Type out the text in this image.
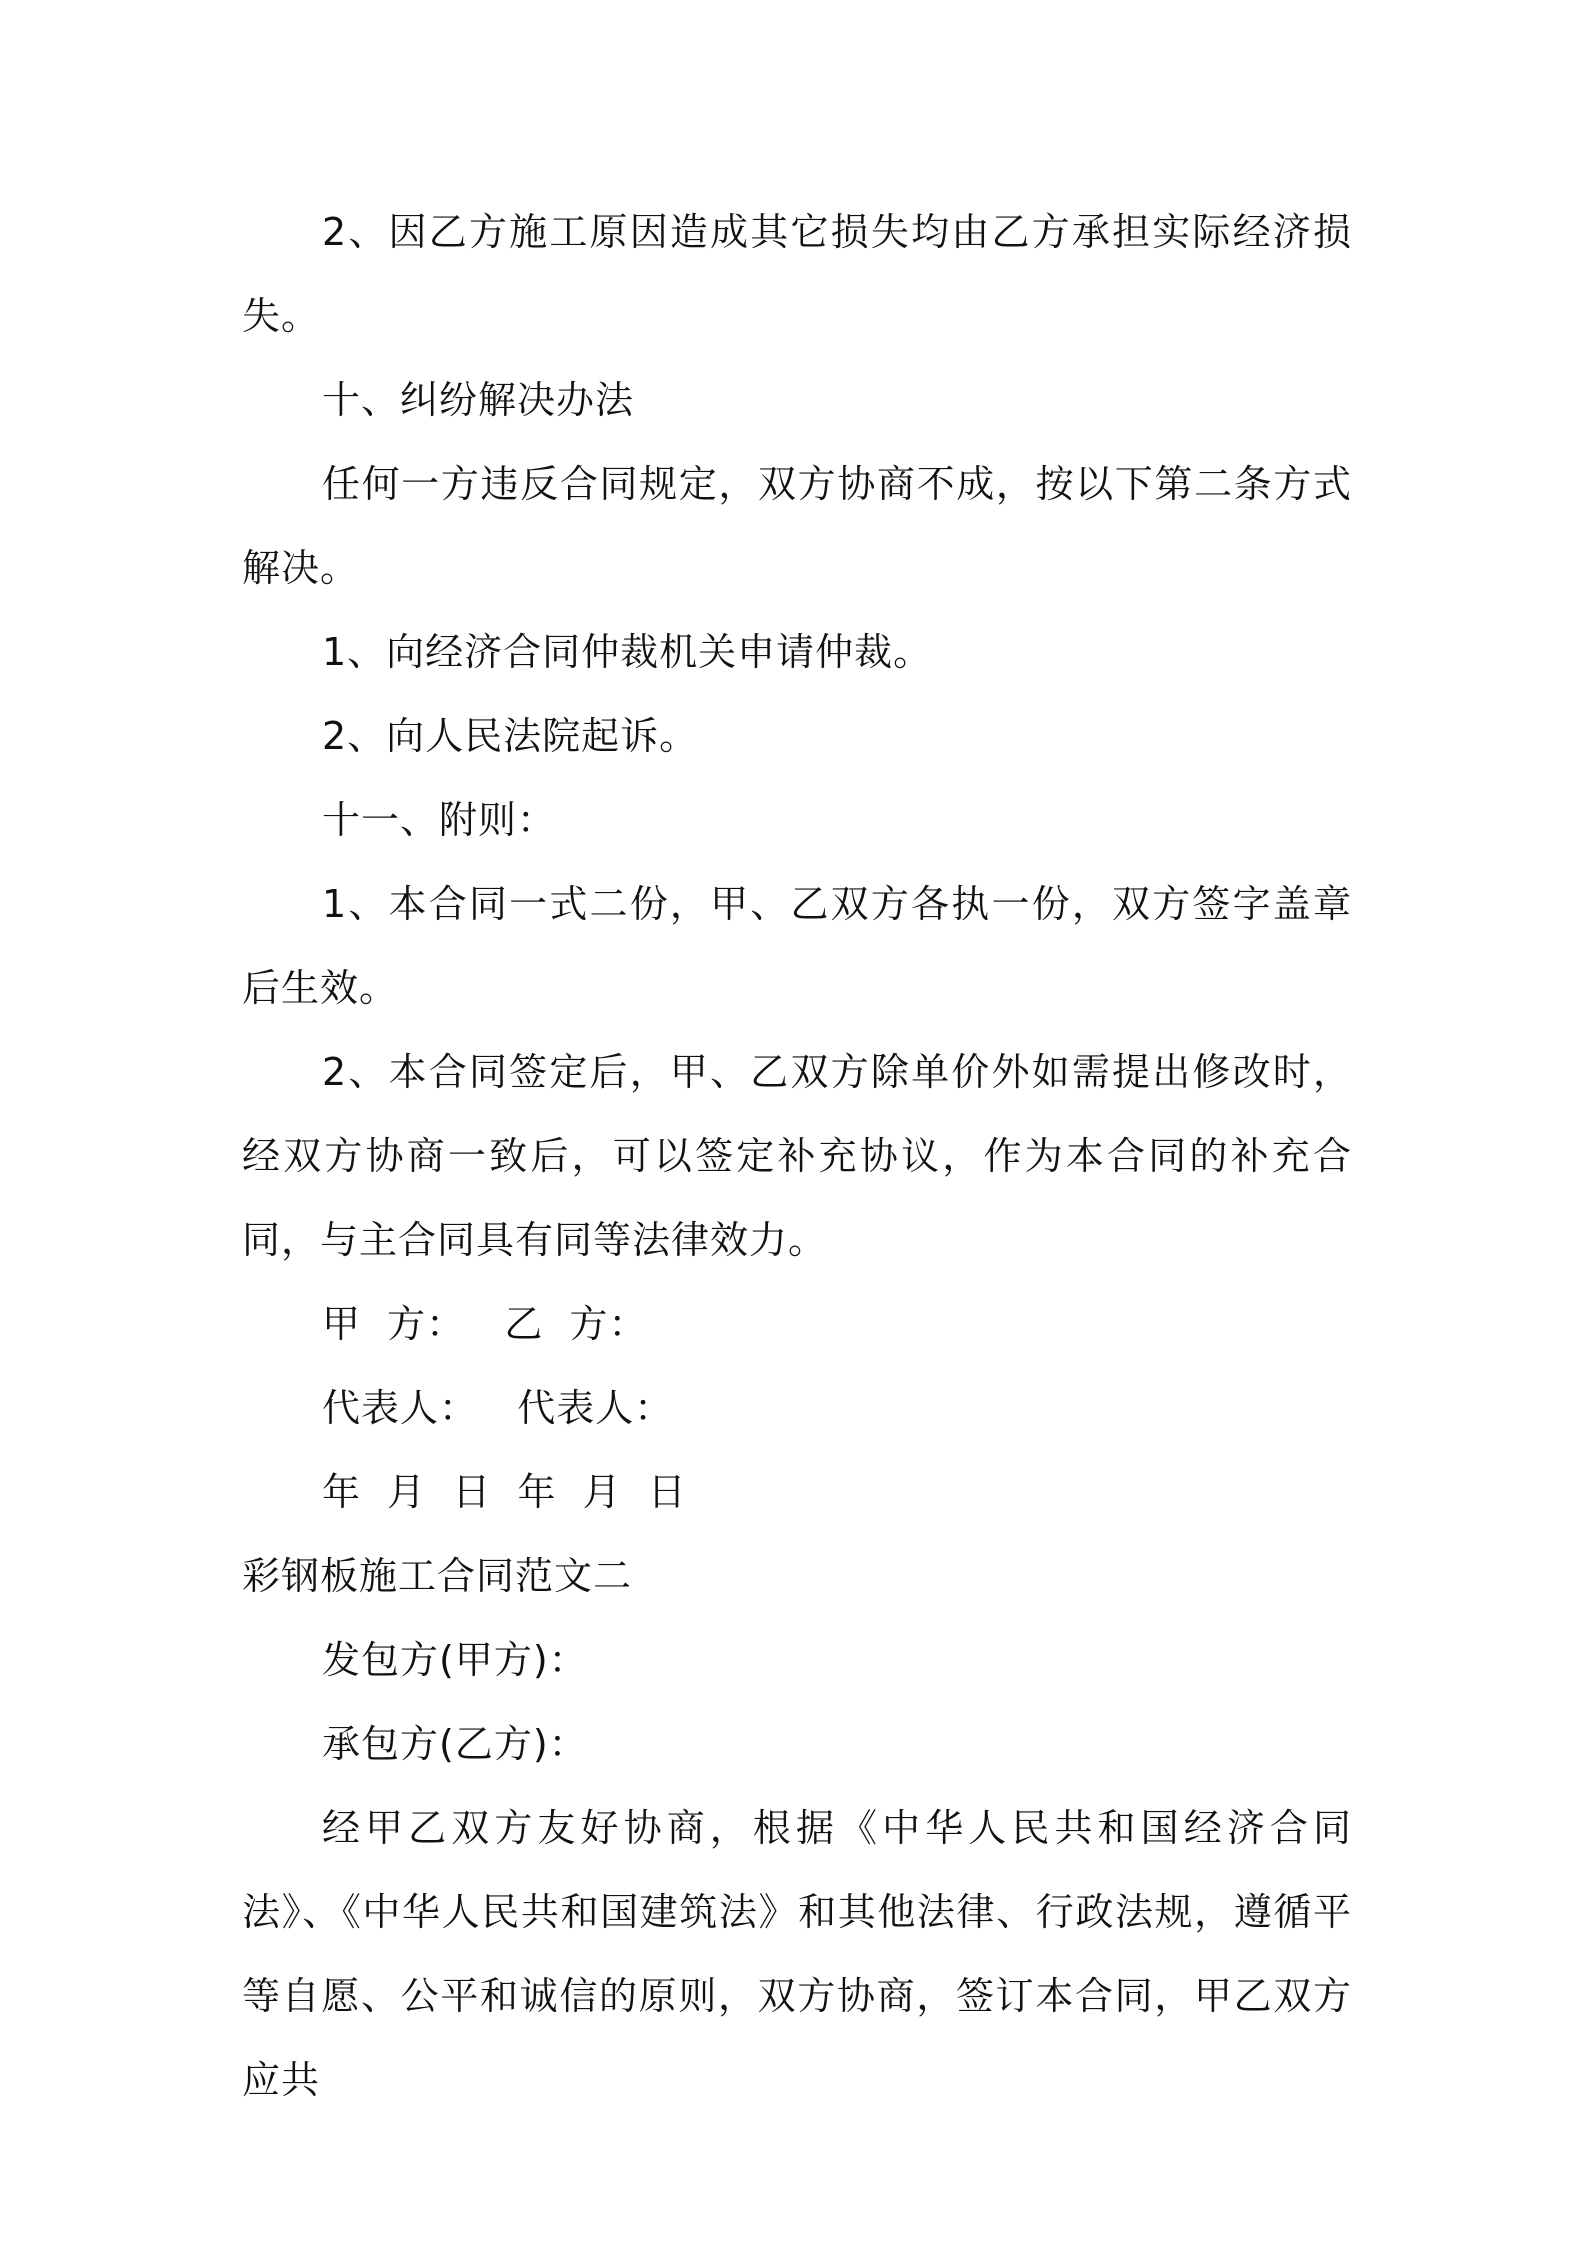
2、因乙方施工原因造成其它损失均由乙方承担实际经济损失。

十、纠纷解决办法

任何一方违反合同规定，双方协商不成，按以下第二条方式解决。

1、向经济合同仲裁机关申请仲裁。

2、向人民法院起诉。

十一、附则：

1、本合同一式二份，甲、乙双方各执一份，双方签字盖章后生效。

2、本合同签定后，甲、乙双方除单价外如需提出修改时，经双方协商一致后，可以签定补充协议，作为本合同的补充合同，与主合同具有同等法律效力。

甲  方：   乙  方：

代表人：   代表人：

年  月  日  年  月  日

彩钢板施工合同范文二

发包方(甲方)：

承包方(乙方)：

经甲乙双方友好协商，根据《中华人民共和国经济合同法》、《中华人民共和国建筑法》和其他法律、行政法规，遵循平等自愿、公平和诚信的原则，双方协商，签订本合同，甲乙双方应共
